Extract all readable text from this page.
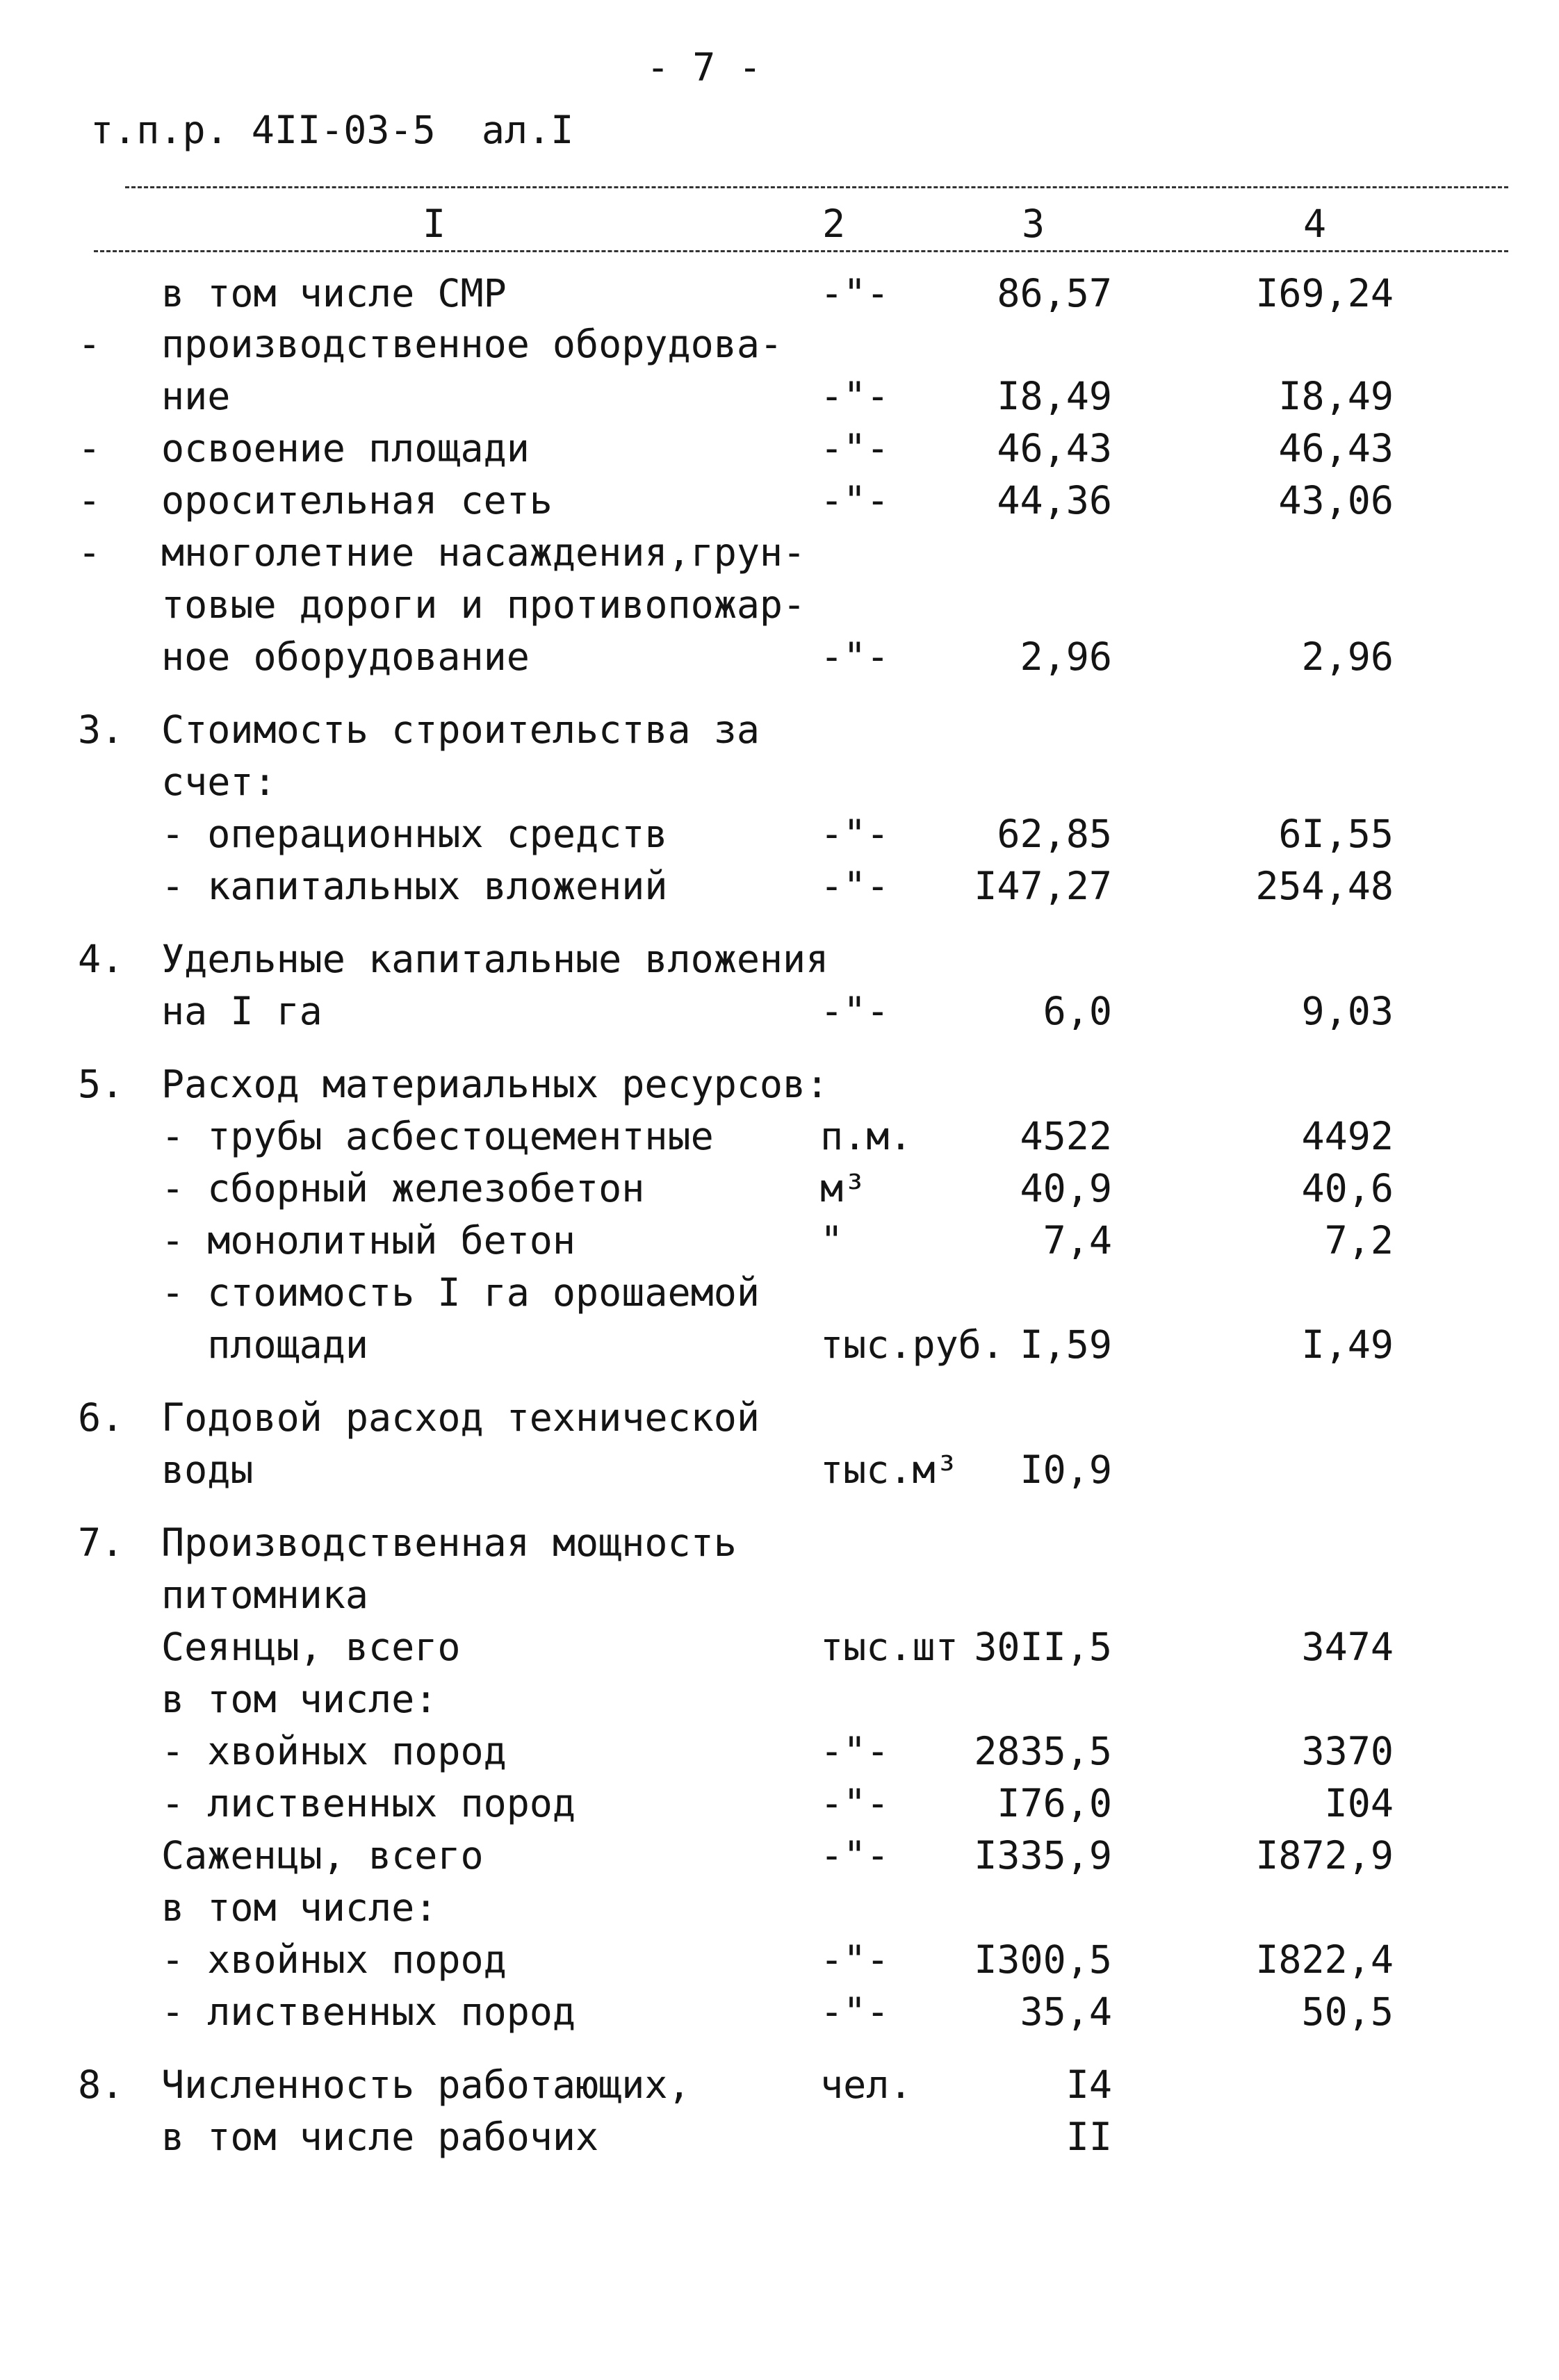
- 7 -
т.п.р. 4II-03-5  ал.I
I	2	3	4
в том числе СМР	-"-	86,57	I69,24
- производственное оборудова-
ние	-"-	I8,49	I8,49
- освоение площади	-"-	46,43	46,43
- оросительная сеть	-"-	44,36	43,06
- многолетние насаждения,грун-
товые дороги и противопожар-
ное оборудование	-"-	2,96	2,96
3. Стоимость строительства за
счет:
- операционных средств	-"-	62,85	6I,55
- капитальных вложений	-"- I47,27	254,48
4. Удельные капитальные вложения
на I га	-"-	6,0	9,03
5. Расход материальных ресурсов:
- трубы асбестоцементные	п.м.	4522	4492
- сборный железобетон	м³	40,9	40,6
- монолитный бетон	"	7,4	7,2
- стоимость I га орошаемой
площади	тыс.руб. I,59	I,49
6. Годовой расход технической
воды	тыс.м³ I0,9
7. Производственная мощность
питомника
Сеянцы, всего	тыс.шт 30II,5	3474
в том числе:
- хвойных пород	-"- 2835,5	3370
- лиственных пород	-"-	I76,0	I04
Саженцы, всего	-"- I335,9	I872,9
в том числе:
- хвойных пород	-"- I300,5	I822,4
- лиственных пород	-"-	35,4	50,5
8. Численность работающих,	чел.	I4
в том числе рабочих	II
